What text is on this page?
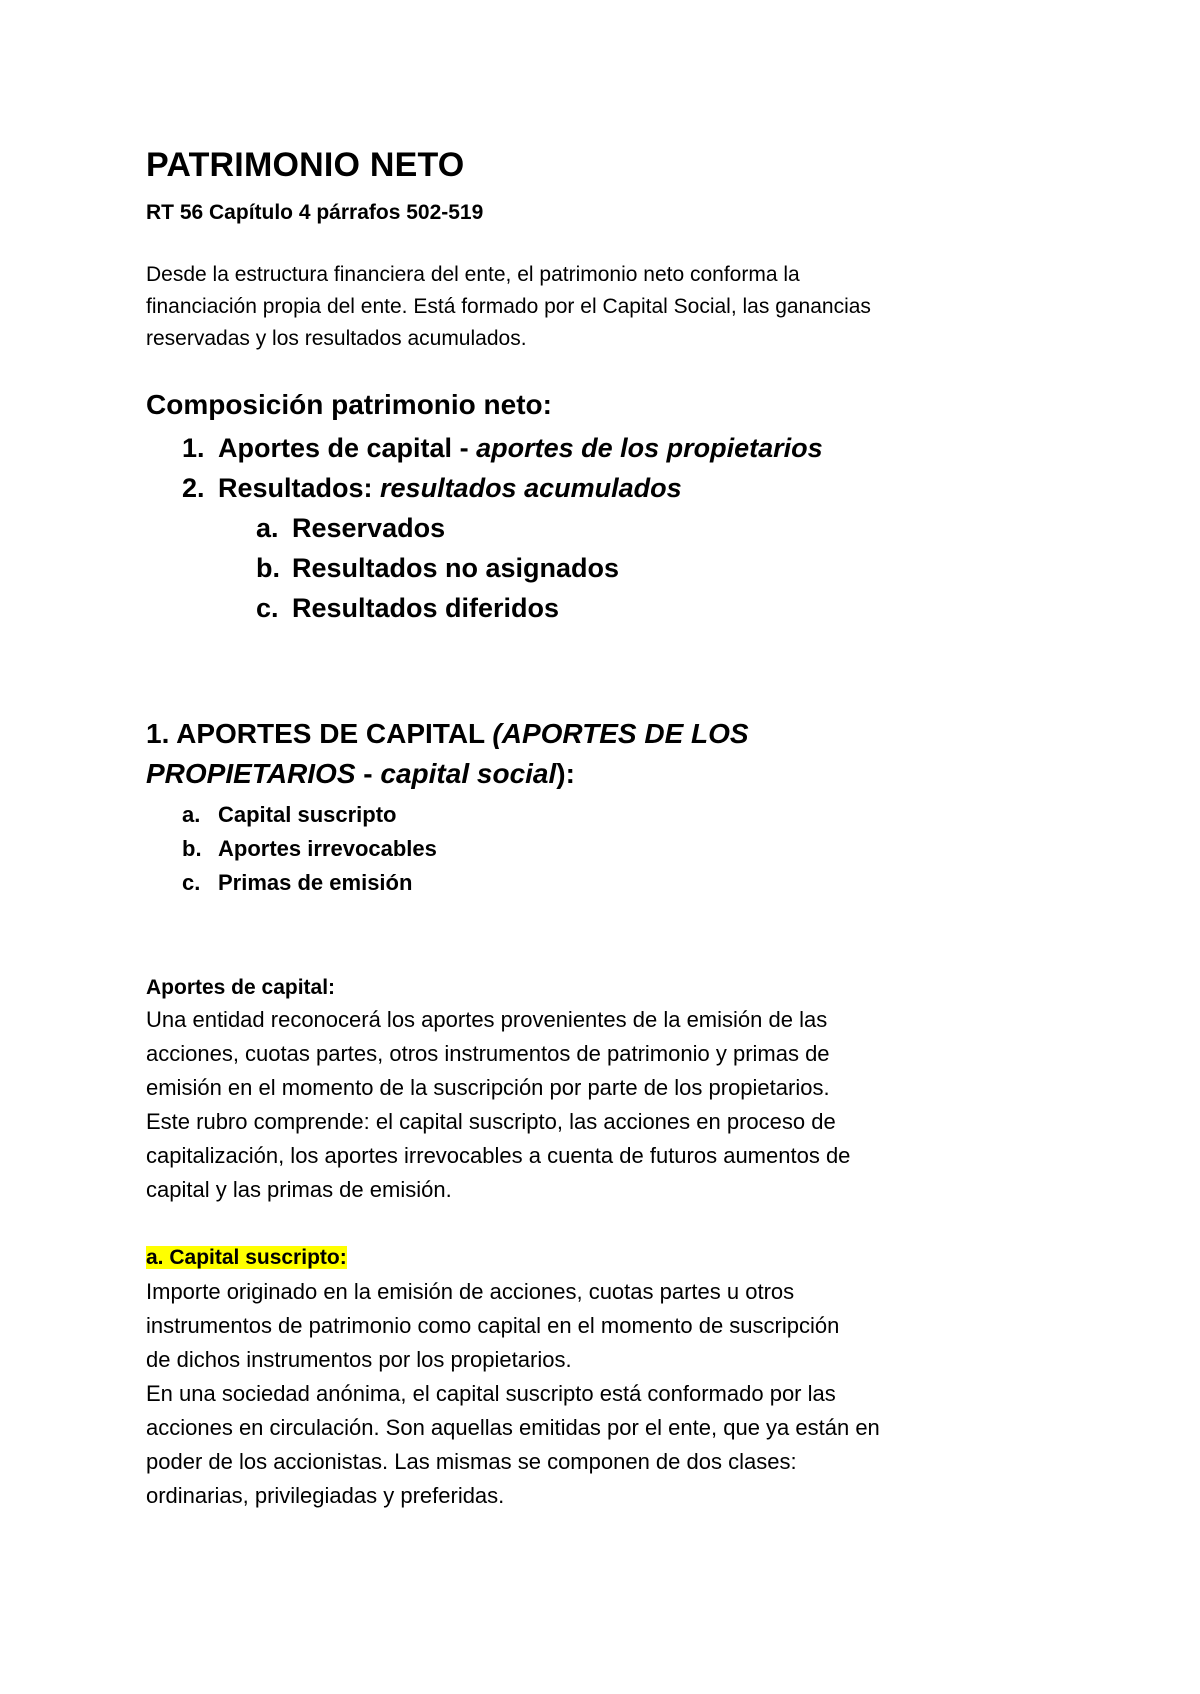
PATRIMONIO NETO
RT 56 Capítulo 4 párrafos 502-519
Desde la estructura financiera del ente, el patrimonio neto conforma la
financiación propia del ente. Está formado por el Capital Social, las ganancias
reservadas y los resultados acumulados.
Composición patrimonio neto:
1. Aportes de capital - aportes de los propietarios
2. Resultados: resultados acumulados
a. Reservados
b. Resultados no asignados
c. Resultados diferidos
1. APORTES DE CAPITAL (APORTES DE LOS
PROPIETARIOS - capital social):
a. Capital suscripto
b. Aportes irrevocables
c. Primas de emisión
Aportes de capital:
Una entidad reconocerá los aportes provenientes de la emisión de las
acciones, cuotas partes, otros instrumentos de patrimonio y primas de
emisión en el momento de la suscripción por parte de los propietarios.
Este rubro comprende: el capital suscripto, las acciones en proceso de
capitalización, los aportes irrevocables a cuenta de futuros aumentos de
capital y las primas de emisión.
a. Capital suscripto:
Importe originado en la emisión de acciones, cuotas partes u otros
instrumentos de patrimonio como capital en el momento de suscripción
de dichos instrumentos por los propietarios.
En una sociedad anónima, el capital suscripto está conformado por las
acciones en circulación. Son aquellas emitidas por el ente, que ya están en
poder de los accionistas. Las mismas se componen de dos clases:
ordinarias, privilegiadas y preferidas.
